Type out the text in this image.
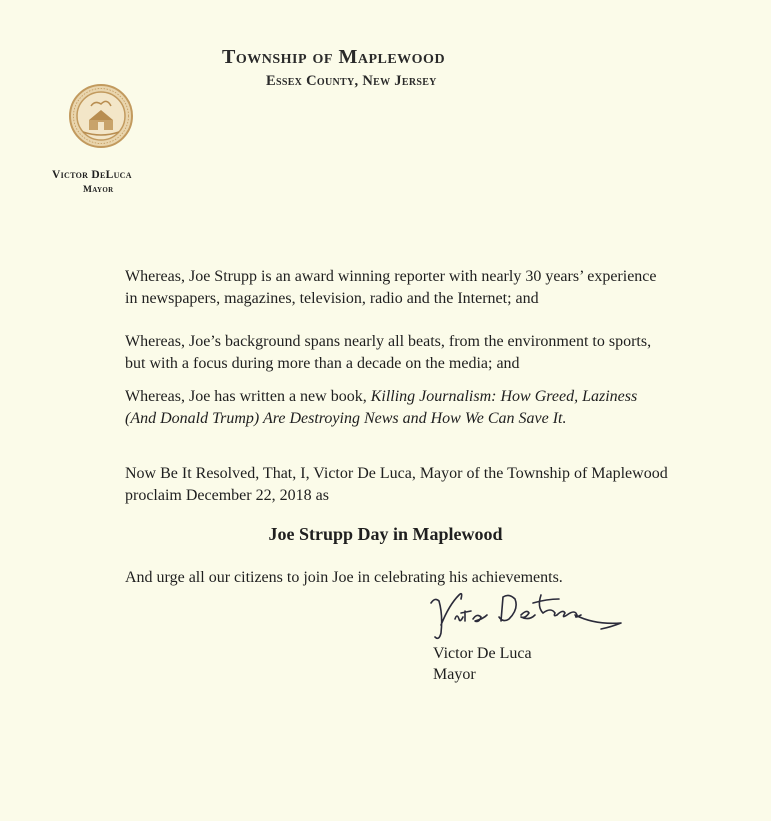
Township of Maplewood
Essex County, New Jersey
Victor DeLuca
Mayor
Whereas, Joe Strupp is an award winning reporter with nearly 30 years’ experience in newspapers, magazines, television, radio and the Internet; and
Whereas, Joe’s background spans nearly all beats, from the environment to sports, but with a focus during more than a decade on the media; and
Whereas, Joe has written a new book, Killing Journalism: How Greed, Laziness (And Donald Trump) Are Destroying News and How We Can Save It.
Now Be It Resolved, That, I, Victor De Luca, Mayor of the Township of Maplewood proclaim December 22, 2018 as
Joe Strupp Day in Maplewood
And urge all our citizens to join Joe in celebrating his achievements.
Victor De Luca
Mayor
